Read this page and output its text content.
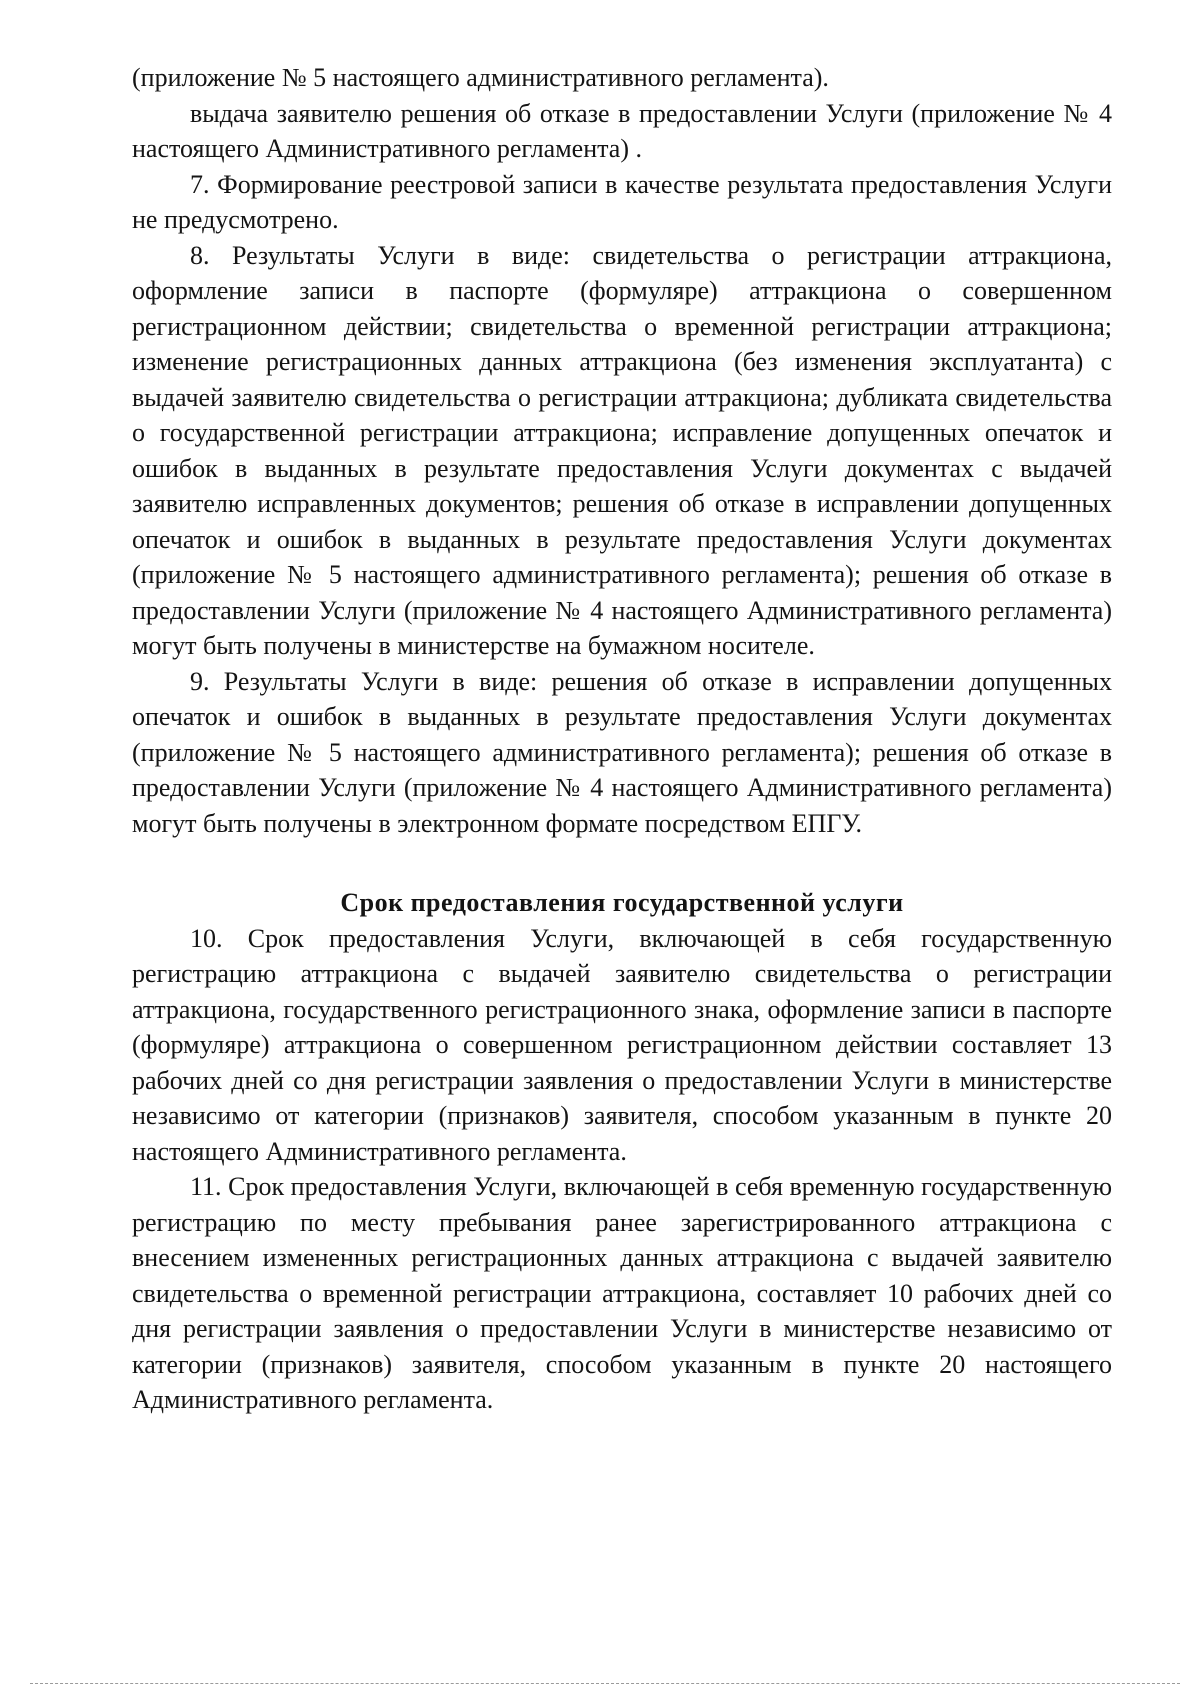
(приложение № 5 настоящего административного регламента).

выдача заявителю решения об отказе в предоставлении Услуги (приложение № 4 настоящего Административного регламента) .

7. Формирование реестровой записи в качестве результата предоставления Услуги не предусмотрено.

8. Результаты Услуги в виде: свидетельства о регистрации аттракциона, оформление записи в паспорте (формуляре) аттракциона о совершенном регистрационном действии; свидетельства о временной регистрации аттракциона; изменение регистрационных данных аттракциона (без изменения эксплуатанта) с выдачей заявителю свидетельства о регистрации аттракциона; дубликата свидетельства о государственной регистрации аттракциона; исправление допущенных опечаток и ошибок в выданных в результате предоставления Услуги документах с выдачей заявителю исправленных документов; решения об отказе в исправлении допущенных опечаток и ошибок в выданных в результате предоставления Услуги документах (приложение № 5 настоящего административного регламента); решения об отказе в предоставлении Услуги (приложение № 4 настоящего Административного регламента) могут быть получены в министерстве на бумажном носителе.

9. Результаты Услуги в виде: решения об отказе в исправлении допущенных опечаток и ошибок в выданных в результате предоставления Услуги документах (приложение № 5 настоящего административного регламента); решения об отказе в предоставлении Услуги (приложение № 4 настоящего Административного регламента) могут быть получены в электронном формате посредством ЕПГУ.

Срок предоставления государственной услуги

10. Срок предоставления Услуги, включающей в себя государственную регистрацию аттракциона с выдачей заявителю свидетельства о регистрации аттракциона, государственного регистрационного знака, оформление записи в паспорте (формуляре) аттракциона о совершенном регистрационном действии составляет 13 рабочих дней со дня регистрации заявления о предоставлении Услуги в министерстве независимо от категории (признаков) заявителя, способом указанным в пункте 20 настоящего Административного регламента.

11. Срок предоставления Услуги, включающей в себя временную государственную регистрацию по месту пребывания ранее зарегистрированного аттракциона с внесением измененных регистрационных данных аттракциона с выдачей заявителю свидетельства о временной регистрации аттракциона, составляет 10 рабочих дней со дня регистрации заявления о предоставлении Услуги в министерстве независимо от категории (признаков) заявителя, способом указанным в пункте 20 настоящего Административного регламента.
